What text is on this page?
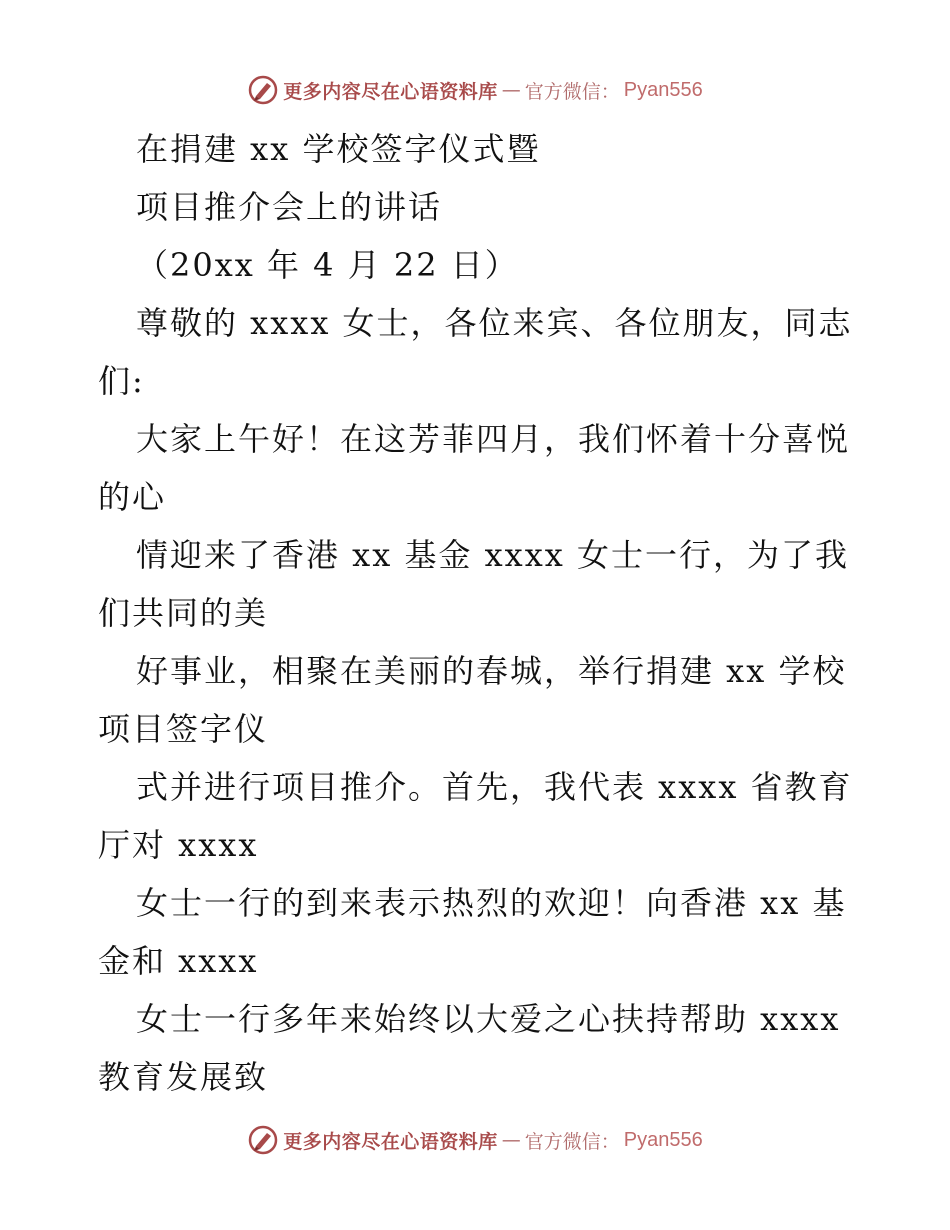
更多内容尽在心语资料库 — 官方微信： Pyan556
在捐建 xx 学校签字仪式暨
项目推介会上的讲话
（20xx 年 4 月 22 日）
尊敬的 xxxx 女士，各位来宾、各位朋友，同志
们:
大家上午好！在这芳菲四月，我们怀着十分喜悦
的心
情迎来了香港 xx 基金 xxxx 女士一行，为了我
们共同的美
好事业，相聚在美丽的春城，举行捐建 xx 学校
项目签字仪
式并进行项目推介。首先，我代表 xxxx 省教育
厅对 xxxx
女士一行的到来表示热烈的欢迎！向香港 xx 基
金和 xxxx
女士一行多年来始终以大爱之心扶持帮助 xxxx
教育发展致
更多内容尽在心语资料库 — 官方微信： Pyan556
